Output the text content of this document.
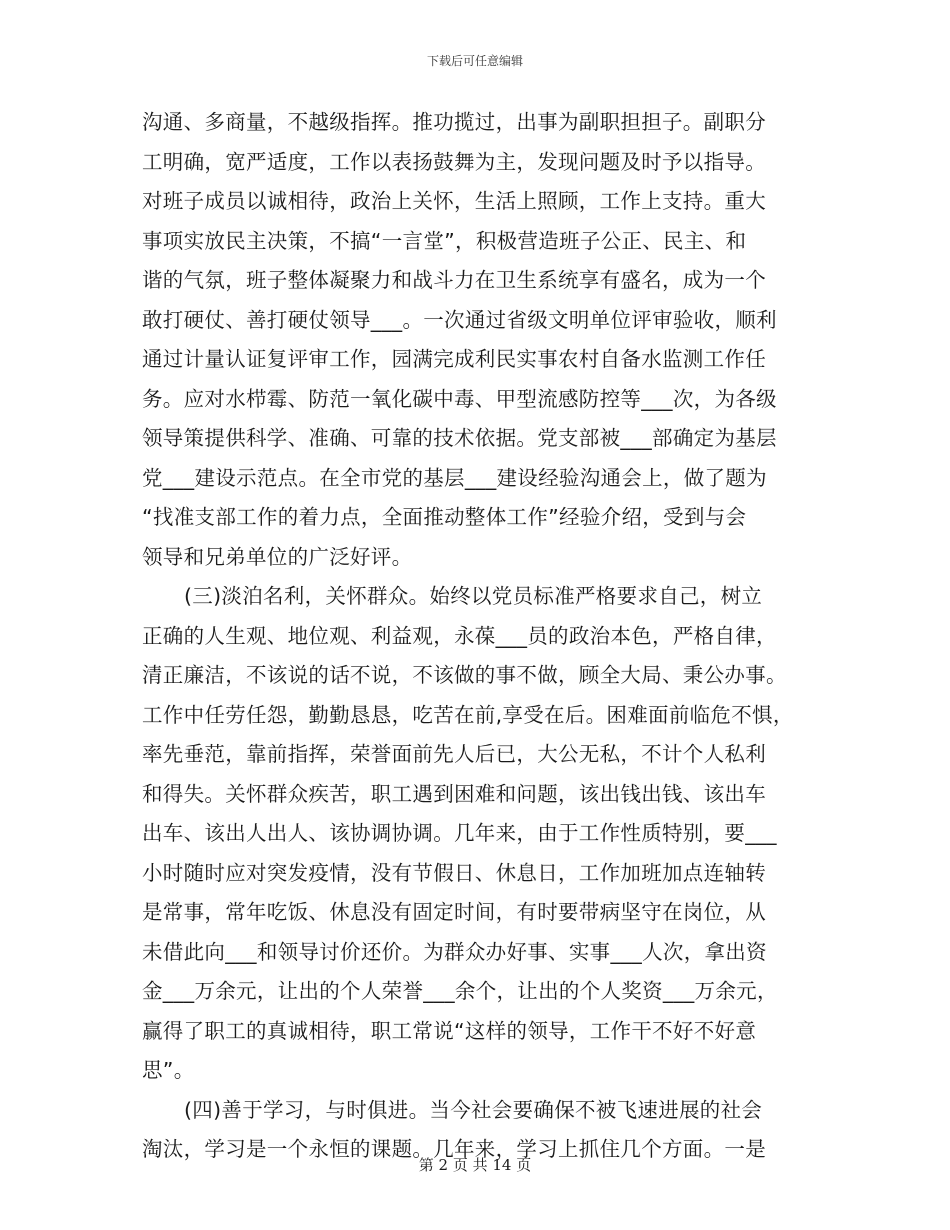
下载后可任意编辑
沟通、多商量，不越级指挥。推功揽过，出事为副职担担子。副职分
工明确，宽严适度，工作以表扬鼓舞为主，发现问题及时予以指导。
对班子成员以诚相待，政治上关怀，生活上照顾，工作上支持。重大
事项实放民主决策，不搞“一言堂”，积极营造班子公正、民主、和
谐的气氛，班子整体凝聚力和战斗力在卫生系统享有盛名，成为一个
敢打硬仗、善打硬仗领导___。一次通过省级文明单位评审验收，顺利
通过计量认证复评审工作，园满完成利民实事农村自备水监测工作任
务。应对水栉霉、防范一氧化碳中毒、甲型流感防控等___次，为各级
领导策提供科学、准确、可靠的技术依据。党支部被___部确定为基层
党___建设示范点。在全市党的基层___建设经验沟通会上，做了题为
“找准支部工作的着力点，全面推动整体工作”经验介绍，受到与会
领导和兄弟单位的广泛好评。
(三)淡泊名利，关怀群众。始终以党员标准严格要求自己，树立
正确的人生观、地位观、利益观，永葆___员的政治本色，严格自律，
清正廉洁，不该说的话不说，不该做的事不做，顾全大局、秉公办事。
工作中任劳任怨，勤勤恳恳，吃苦在前,享受在后。困难面前临危不惧，
率先垂范，靠前指挥，荣誉面前先人后已，大公无私，不计个人私利
和得失。关怀群众疾苦，职工遇到困难和问题，该出钱出钱、该出车
出车、该出人出人、该协调协调。几年来，由于工作性质特别，要___
小时随时应对突发疫情，没有节假日、休息日，工作加班加点连轴转
是常事，常年吃饭、休息没有固定时间，有时要带病坚守在岗位，从
未借此向___和领导讨价还价。为群众办好事、实事___人次，拿出资
金___万余元，让出的个人荣誉___余个，让出的个人奖资___万余元，
赢得了职工的真诚相待，职工常说“这样的领导，工作干不好不好意
思”。
(四)善于学习，与时俱进。当今社会要确保不被飞速进展的社会
淘汰，学习是一个永恒的课题。几年来，学习上抓住几个方面。一是
第 2 页 共 14 页
